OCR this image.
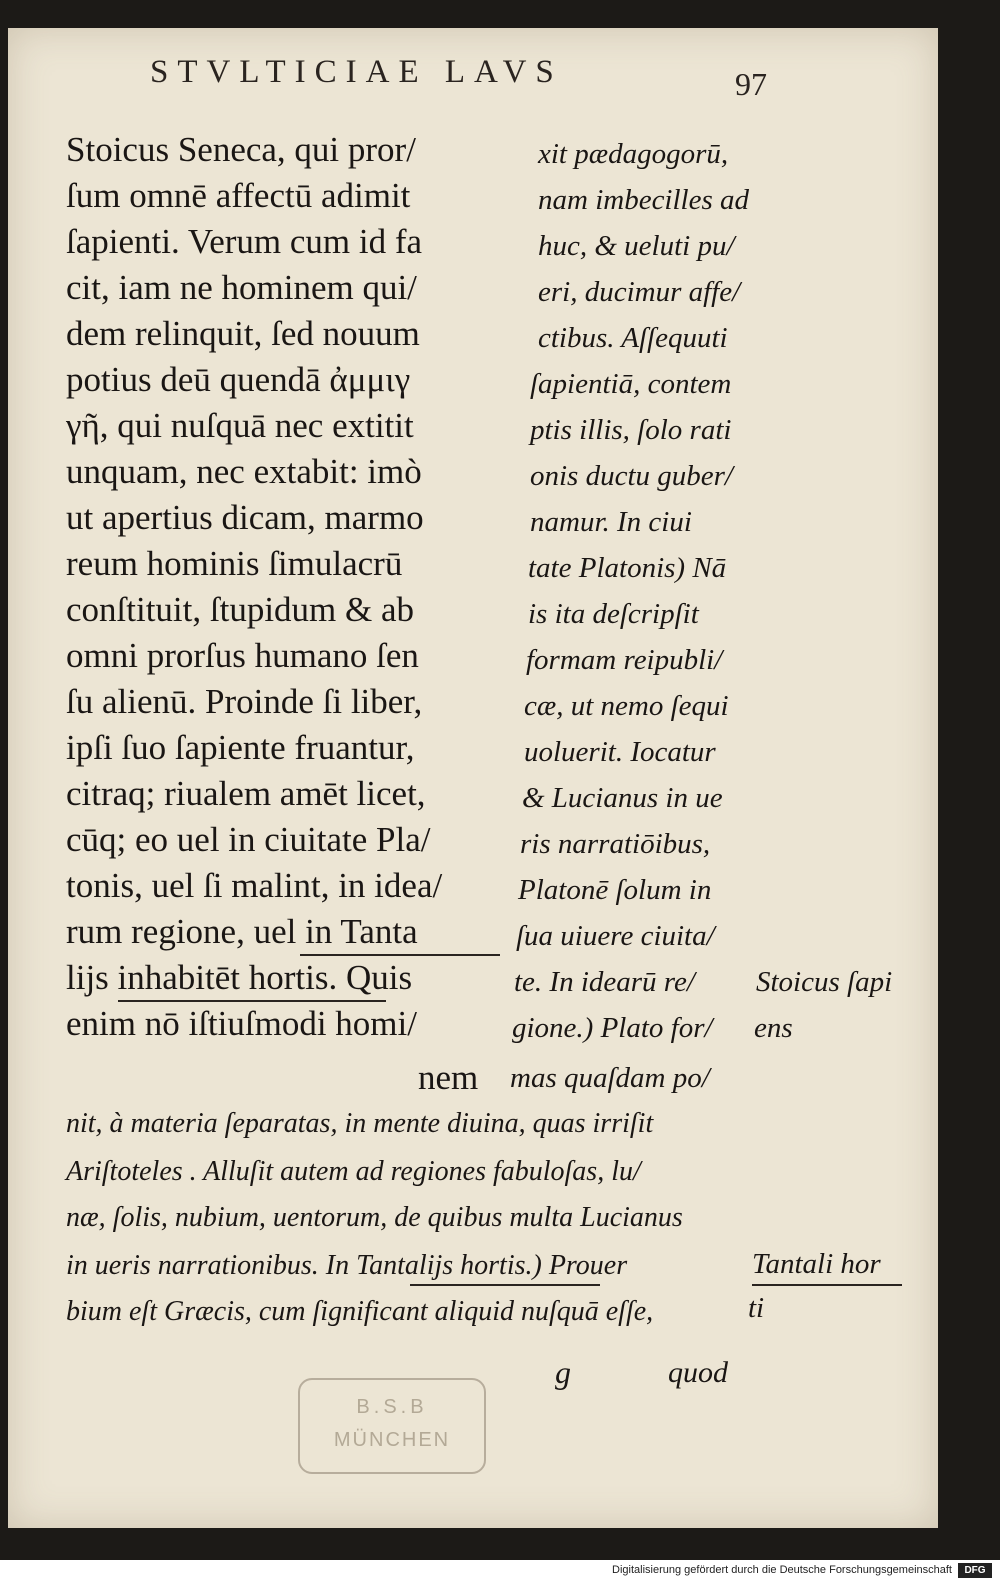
STVLTICIAE LAVS	97
Stoicus Seneca, qui pror/
ſum omnē affectū adimit
ſapienti. Verum cum id fa
cit, iam ne hominem qui/
dem relinquit, ſed nouum
potius deū quendā ἀμμιγ
γῆ, qui nuſquā nec extitit
unquam, nec extabit: imò
ut apertius dicam, marmo
reum hominis ſimulacrū
conſtituit, ſtupidum & ab
omni prorſus humano ſen
ſu alienū. Proinde ſi liber,
ipſi ſuo ſapiente fruantur,
citraq; riualem amēt licet,
cūq; eo uel in ciuitate Pla/
tonis, uel ſi malint, in idea/
rum regione, uel in Tanta
lijs inhabitēt hortis. Quis
enim nō iſtiuſmodi homi/
nem
xit pædagogorū,
nam imbecilles ad
huc, & ueluti pu/
eri, ducimur affe/
ctibus. Aſſequuti
ſapientiā, contem
ptis illis, ſolo rati
onis ductu guber/
namur. In ciui
tate Platonis) Nā
is ita deſcripſit
formam reipubli/
cæ, ut nemo ſequi
uoluerit. Iocatur
& Lucianus in ue
ris narratiōibus,
Platonē ſolum in
ſua uiuere ciuita/
te. In idearū re/
gione.) Plato for/
mas quaſdam po/
Stoicus ſapi
ens
Tantali hor
ti
nit, à materia ſeparatas, in mente diuina, quas irriſit
Ariſtoteles . Alluſit autem ad regiones fabuloſas, lu/
næ, ſolis, nubium, uentorum, de quibus multa Lucianus
in ueris narrationibus. In Tantalijs hortis.) Prouer
bium eſt Græcis, cum ſignificant aliquid nuſquā eſſe,
g	quod
B.S.B
MÜNCHEN
Digitalisierung gefördert durch die Deutsche Forschungsgemeinschaft	DFG
